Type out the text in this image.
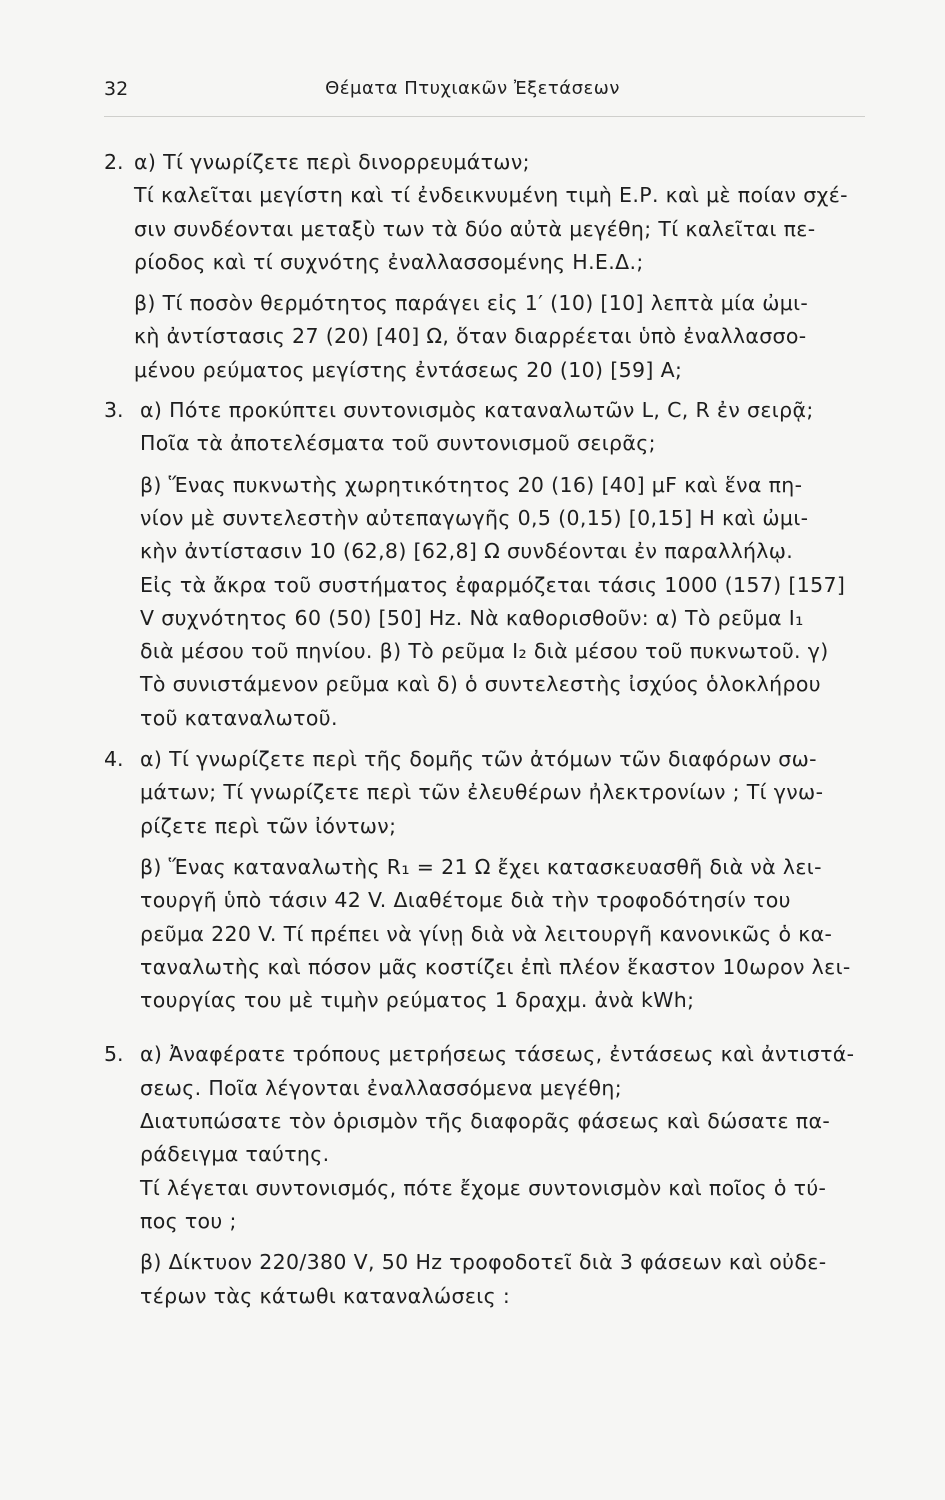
32	Θέματα Πτυχιακῶν Ἐξετάσεων
2. α) Τί γνωρίζετε περὶ δινορρευμάτων;
Τί καλεῖται μεγίστη καὶ τί ἐνδεικνυμένη τιμὴ Ε.Ρ. καὶ μὲ ποίαν σχέ-
σιν συνδέονται μεταξὺ των τὰ δύο αὐτὰ μεγέθη; Τί καλεῖται πε-
ρίοδος καὶ τί συχνότης ἐναλλασσομένης Η.Ε.Δ.;
β) Τί ποσὸν θερμότητος παράγει εἰς 1′ (10) [10] λεπτὰ μία ὠμι-
κὴ ἀντίστασις 27 (20) [40] Ω, ὅταν διαρρέεται ὑπὸ ἐναλλασσο-
μένου ρεύματος μεγίστης ἐντάσεως 20 (10) [59] Α;
3. α) Πότε προκύπτει συντονισμὸς καταναλωτῶν L, C, R ἐν σειρᾷ;
Ποῖα τὰ ἀποτελέσματα τοῦ συντονισμοῦ σειρᾶς;
β) Ἕνας πυκνωτὴς χωρητικότητος 20 (16) [40] μF καὶ ἕνα πη-
νίον μὲ συντελεστὴν αὐτεπαγωγῆς 0,5 (0,15) [0,15] H καὶ ὠμι-
κὴν ἀντίστασιν 10 (62,8) [62,8] Ω συνδέονται ἐν παραλλήλῳ.
Εἰς τὰ ἄκρα τοῦ συστήματος ἐφαρμόζεται τάσις 1000 (157) [157]
V συχνότητος 60 (50) [50] Hz. Νὰ καθορισθοῦν: α) Τὸ ρεῦμα I₁
διὰ μέσου τοῦ πηνίου. β) Τὸ ρεῦμα I₂ διὰ μέσου τοῦ πυκνωτοῦ. γ)
Τὸ συνιστάμενον ρεῦμα καὶ δ) ὁ συντελεστὴς ἰσχύος ὁλοκλήρου
τοῦ καταναλωτοῦ.
4. α) Τί γνωρίζετε περὶ τῆς δομῆς τῶν ἀτόμων τῶν διαφόρων σω-
μάτων; Τί γνωρίζετε περὶ τῶν ἐλευθέρων ἠλεκτρονίων ; Τί γνω-
ρίζετε περὶ τῶν ἰόντων;
β) Ἕνας καταναλωτὴς R₁ = 21 Ω ἔχει κατασκευασθῆ διὰ νὰ λει-
τουργῆ ὑπὸ τάσιν 42 V. Διαθέτομε διὰ τὴν τροφοδότησίν του
ρεῦμα 220 V. Τί πρέπει νὰ γίνῃ διὰ νὰ λειτουργῆ κανονικῶς ὁ κα-
ταναλωτὴς καὶ πόσον μᾶς κοστίζει ἐπὶ πλέον ἕκαστον 10ωρον λει-
τουργίας του μὲ τιμὴν ρεύματος 1 δραχμ. ἀνὰ kWh;
5. α) Ἀναφέρατε τρόπους μετρήσεως τάσεως, ἐντάσεως καὶ ἀντιστά-
σεως. Ποῖα λέγονται ἐναλλασσόμενα μεγέθη;
Διατυπώσατε τὸν ὁρισμὸν τῆς διαφορᾶς φάσεως καὶ δώσατε πα-
ράδειγμα ταύτης.
Τί λέγεται συντονισμός, πότε ἔχομε συντονισμὸν καὶ ποῖος ὁ τύ-
πος του ;
β) Δίκτυον 220/380 V, 50 Hz τροφοδοτεῖ διὰ 3 φάσεων καὶ οὐδε-
τέρων τὰς κάτωθι καταναλώσεις :
